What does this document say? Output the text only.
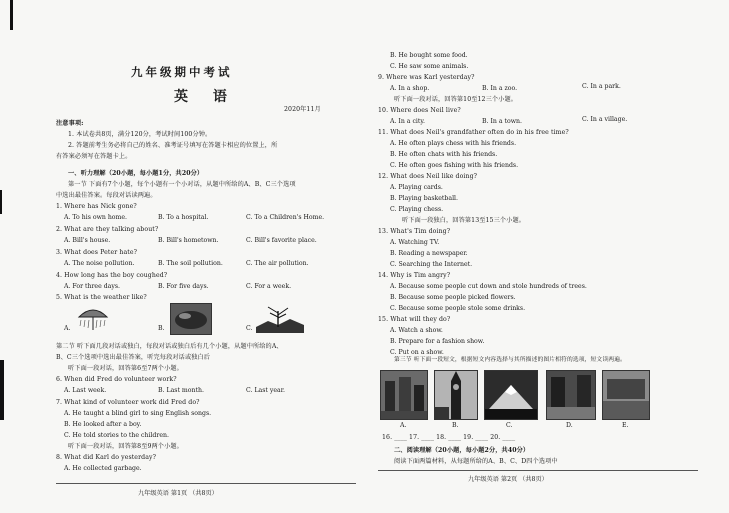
九年级期中考试
英 语
2020年11月
注意事项:
1. 本试卷共8页，满分120分，考试时间100分钟。
2. 答题前考生务必将自己的姓名、准考证号填写在答题卡相应的位置上，所
有答案必须写在答题卡上。
一、听力理解（20小题，每小题1分，共20分）
第一节 下面有7个小题，每个小题有一个小对话，从题中所给的A、B、C三个选项
中选出最佳答案。每段对话读两遍。
1. Where has Nick gone?
A. To his own home.	B. To a hospital.	C. To a Children's Home.
2. What are they talking about?
A. Bill's house.	B. Bill's hometown.	C. Bill's favorite place.
3. What does Peter hate?
A. The noise pollution.	B. The soil pollution.	C. The air pollution.
4. How long has the boy coughed?
A. For three days.	B. For five days.	C. For a week.
5. What is the weather like?
A.	B.	C.
第二节 听下面几段对话或独白，每段对话或独白后有几个小题，从题中所给的A、
B、C三个选项中选出最佳答案，听完每段对话或独白后
听下面一段对话，回答第6至7两个小题。
6. When did Fred do volunteer work?
A. Last week.	B. Last month.	C. Last year.
7. What kind of volunteer work did Fred do?
A. He taught a blind girl to sing English songs.
B. He looked after a boy.
C. He told stories to the children.
听下面一段对话，回答第8至9两个小题。
8. What did Karl do yesterday?
A. He collected garbage.
九年级英语 第1页 （共8页）
B. He bought some food.
C. He saw some animals.
9. Where was Karl yesterday?
A. In a shop.	B. In a zoo.	C. In a park.
听下面一段对话，回答第10至12三个小题。
10. Where does Neil live?
A. In a city.	B. In a town.	C. In a village.
11. What does Neil's grandfather often do in his free time?
A. He often plays chess with his friends.
B. He often chats with his friends.
C. He often goes fishing with his friends.
12. What does Neil like doing?
A. Playing cards.
B. Playing basketball.
C. Playing chess.
听下面一段独白，回答第13至15三个小题。
13. What's Tim doing?
A. Watching TV.
B. Reading a newspaper.
C. Searching the Internet.
14. Why is Tim angry?
A. Because some people cut down and stole hundreds of trees.
B. Because some people picked flowers.
C. Because some people stole some drinks.
15. What will they do?
A. Watch a show.
B. Prepare for a fashion show.
C. Put on a show.
第三节 听下面一段短文，根据短文内容选择与其所描述的图片相符的选项，短文读两遍。
A.	B.	C.	D.	E.
16. ____ 17. ____ 18. ____ 19. ____ 20. ____
二、阅读理解（20小题，每小题2分，共40分）
阅读下面两篇材料，从每题所给的A、B、C、D四个选项中
九年级英语 第2页 （共8页）
